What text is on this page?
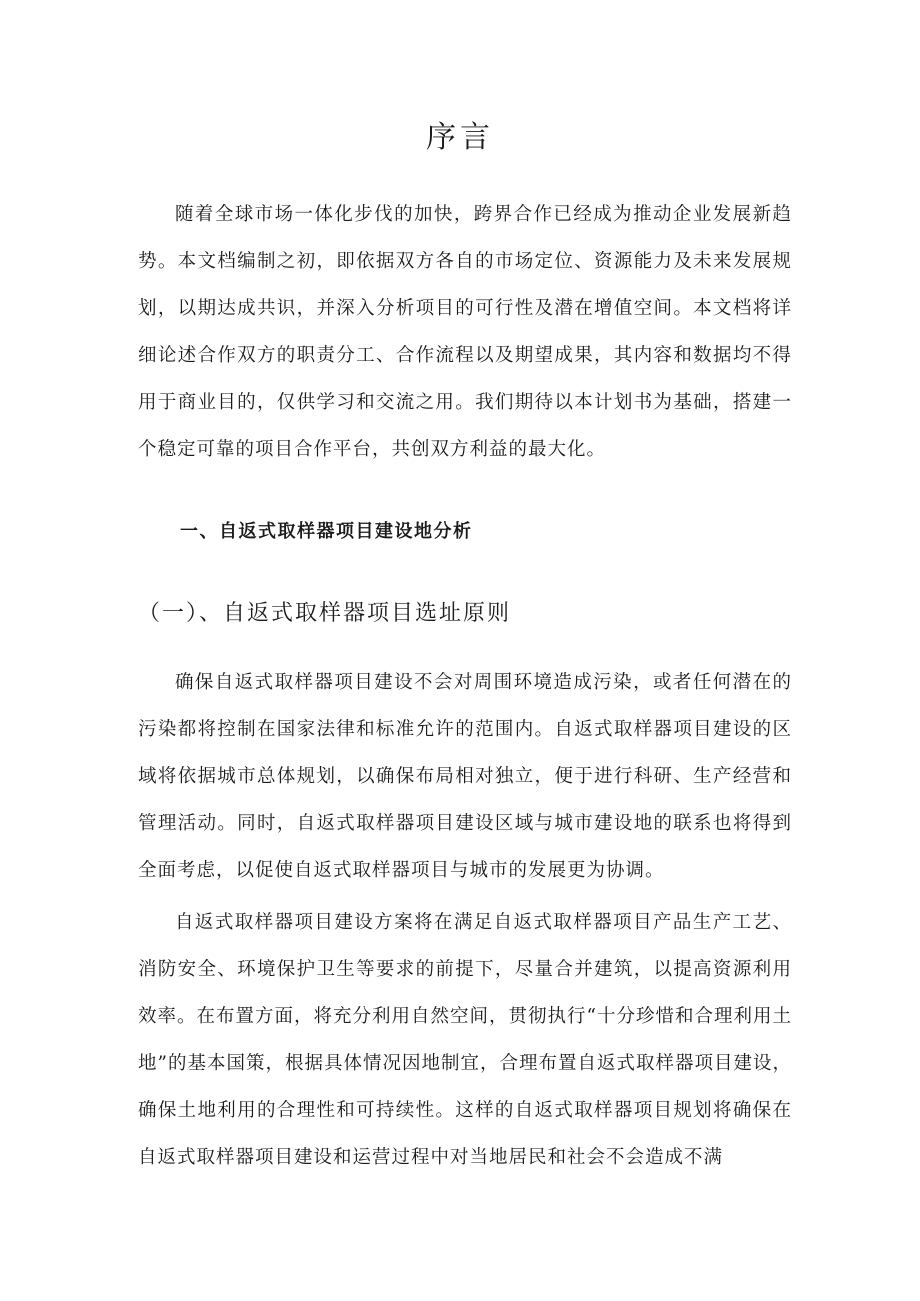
序言

随着全球市场一体化步伐的加快，跨界合作已经成为推动企业发展新趋势。本文档编制之初，即依据双方各自的市场定位、资源能力及未来发展规划，以期达成共识，并深入分析项目的可行性及潜在增值空间。本文档将详细论述合作双方的职责分工、合作流程以及期望成果，其内容和数据均不得用于商业目的，仅供学习和交流之用。我们期待以本计划书为基础，搭建一个稳定可靠的项目合作平台，共创双方利益的最大化。

一、自返式取样器项目建设地分析
（一）、自返式取样器项目选址原则

确保自返式取样器项目建设不会对周围环境造成污染，或者任何潜在的污染都将控制在国家法律和标准允许的范围内。自返式取样器项目建设的区域将依据城市总体规划，以确保布局相对独立，便于进行科研、生产经营和管理活动。同时，自返式取样器项目建设区域与城市建设地的联系也将得到全面考虑，以促使自返式取样器项目与城市的发展更为协调。

自返式取样器项目建设方案将在满足自返式取样器项目产品生产工艺、消防安全、环境保护卫生等要求的前提下，尽量合并建筑，以提高资源利用效率。在布置方面，将充分利用自然空间，贯彻执行“十分珍惜和合理利用土地”的基本国策，根据具体情况因地制宜，合理布置自返式取样器项目建设，确保土地利用的合理性和可持续性。这样的自返式取样器项目规划将确保在自返式取样器项目建设和运营过程中对当地居民和社会不会造成不满
